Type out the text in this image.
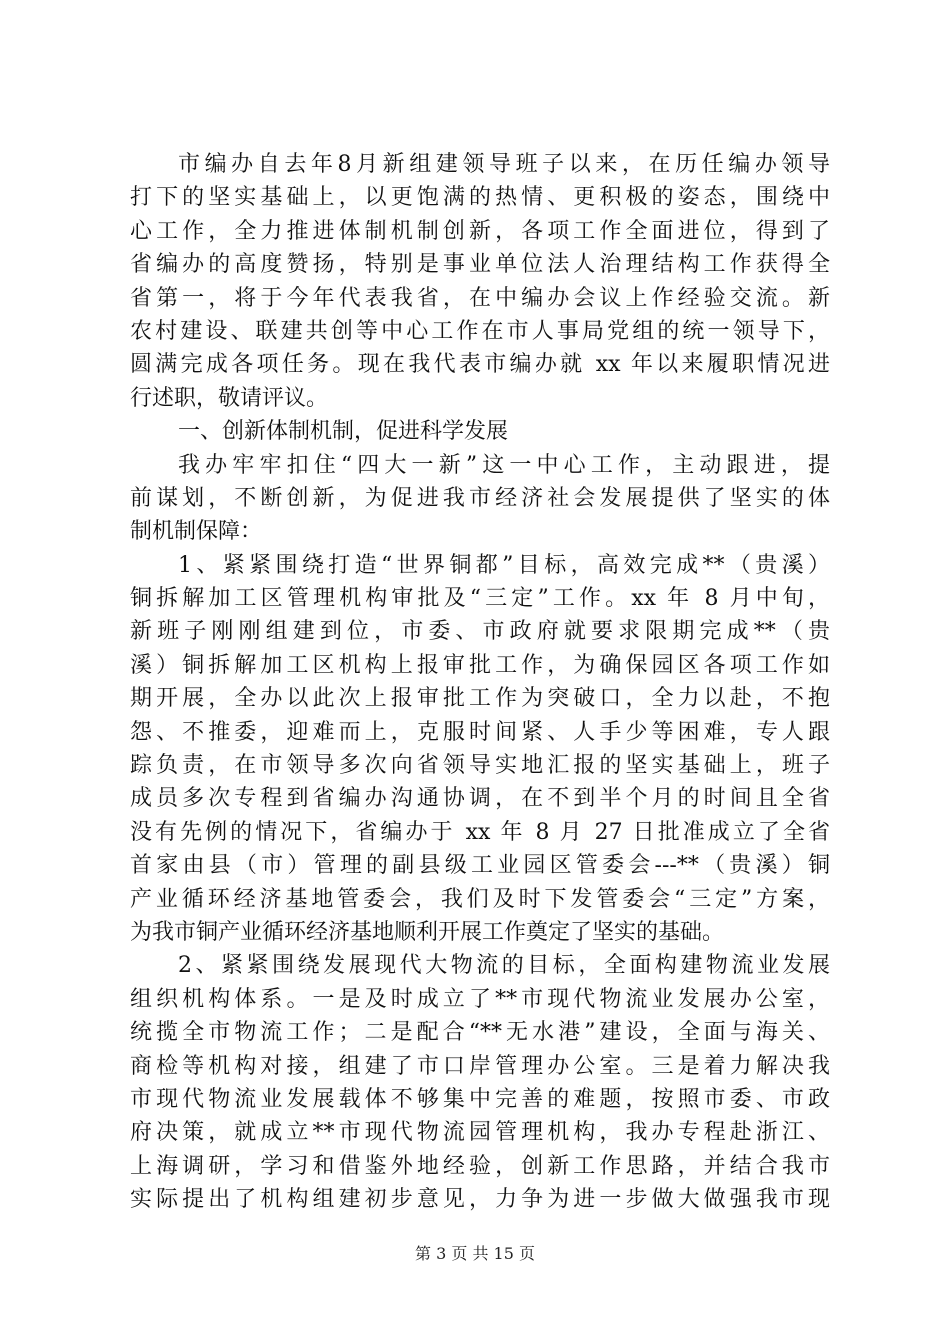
市编办自去年8月新组建领导班子以来，在历任编办领导
打下的坚实基础上，以更饱满的热情、更积极的姿态，围绕中
心工作，全力推进体制机制创新，各项工作全面进位，得到了
省编办的高度赞扬，特别是事业单位法人治理结构工作获得全
省第一，将于今年代表我省，在中编办会议上作经验交流。新
农村建设、联建共创等中心工作在市人事局党组的统一领导下，
圆满完成各项任务。现在我代表市编办就 xx 年以来履职情况进
行述职，敬请评议。
一、创新体制机制，促进科学发展
我办牢牢扣住“四大一新”这一中心工作，主动跟进，提
前谋划，不断创新，为促进我市经济社会发展提供了坚实的体
制机制保障：
1、紧紧围绕打造“世界铜都”目标，高效完成**（贵溪）
铜拆解加工区管理机构审批及“三定”工作。xx 年 8 月中旬，
新班子刚刚组建到位，市委、市政府就要求限期完成**（贵
溪）铜拆解加工区机构上报审批工作，为确保园区各项工作如
期开展，全办以此次上报审批工作为突破口，全力以赴，不抱
怨、不推委，迎难而上，克服时间紧、人手少等困难，专人跟
踪负责，在市领导多次向省领导实地汇报的坚实基础上，班子
成员多次专程到省编办沟通协调，在不到半个月的时间且全省
没有先例的情况下，省编办于 xx 年 8 月 27 日批准成立了全省
首家由县（市）管理的副县级工业园区管委会---**（贵溪）铜
产业循环经济基地管委会，我们及时下发管委会“三定”方案，
为我市铜产业循环经济基地顺利开展工作奠定了坚实的基础。
2、紧紧围绕发展现代大物流的目标，全面构建物流业发展
组织机构体系。一是及时成立了**市现代物流业发展办公室，
统揽全市物流工作；二是配合“**无水港”建设，全面与海关、
商检等机构对接，组建了市口岸管理办公室。三是着力解决我
市现代物流业发展载体不够集中完善的难题，按照市委、市政
府决策，就成立**市现代物流园管理机构，我办专程赴浙江、
上海调研，学习和借鉴外地经验，创新工作思路，并结合我市
实际提出了机构组建初步意见，力争为进一步做大做强我市现
第 3 页 共 15 页
